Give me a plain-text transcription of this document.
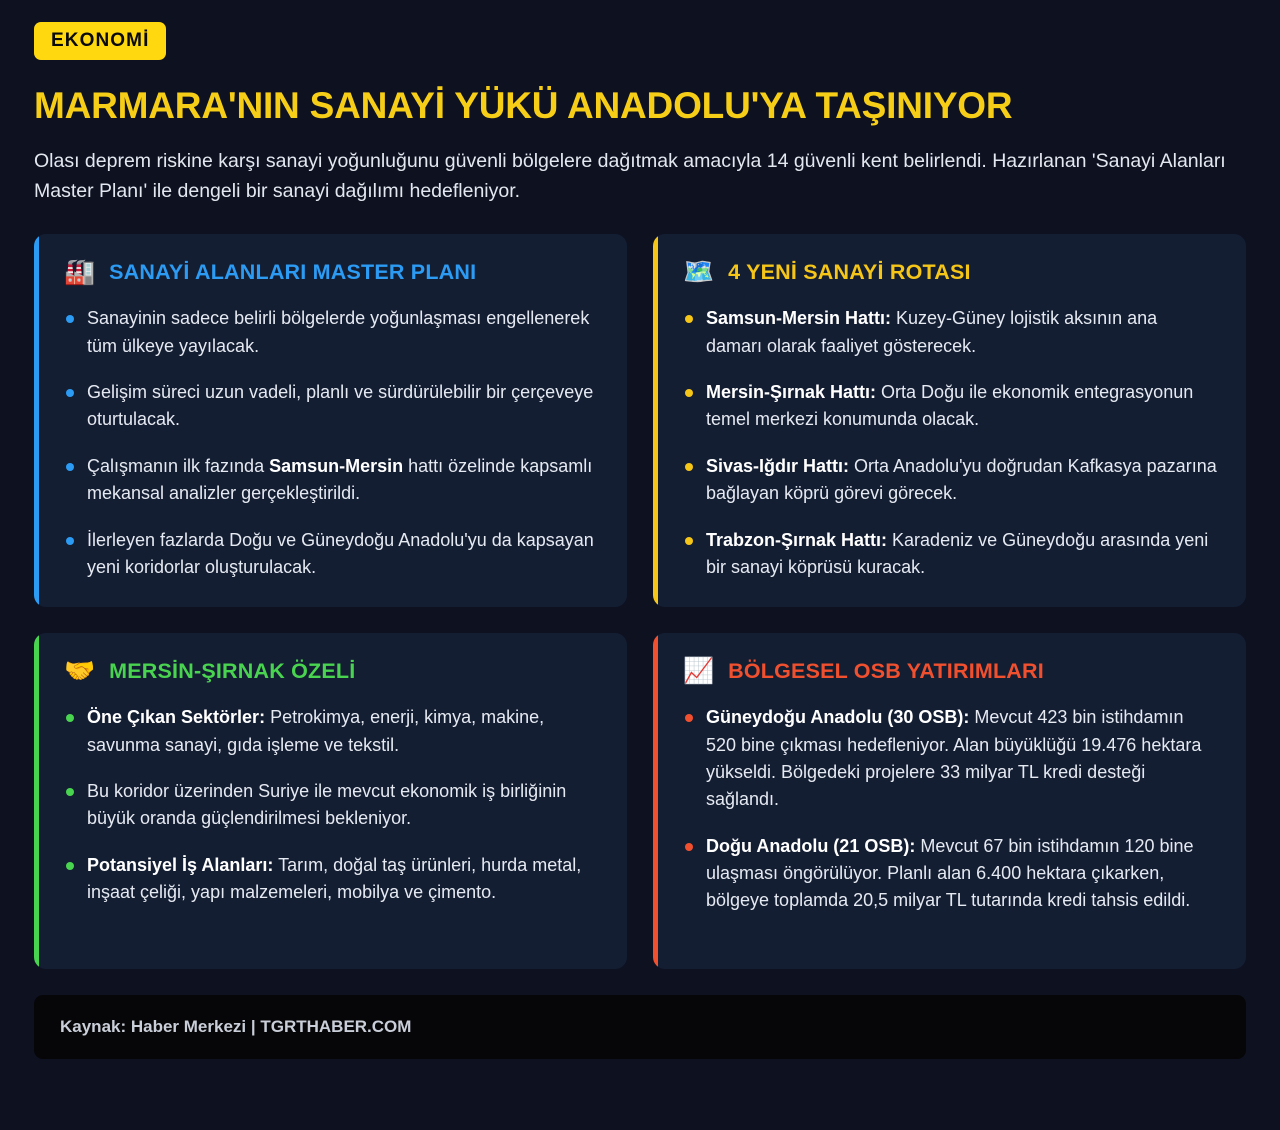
EKONOMİ
MARMARA'NIN SANAYİ YÜKÜ ANADOLU'YA TAŞINIYOR

Olası deprem riskine karşı sanayi yoğunluğunu güvenli bölgelere dağıtmak amacıyla 14 güvenli kent belirlendi. Hazırlanan 'Sanayi Alanları Master Planı' ile dengeli bir sanayi dağılımı hedefleniyor.

🏭 SANAYİ ALANLARI MASTER PLANI
Sanayinin sadece belirli bölgelerde yoğunlaşması engellenerek tüm ülkeye yayılacak.
Gelişim süreci uzun vadeli, planlı ve sürdürülebilir bir çerçeveye oturtulacak.
Çalışmanın ilk fazında Samsun-Mersin hattı özelinde kapsamlı mekansal analizler gerçekleştirildi.
İlerleyen fazlarda Doğu ve Güneydoğu Anadolu'yu da kapsayan yeni koridorlar oluşturulacak.
🗺️ 4 YENİ SANAYİ ROTASI
Samsun-Mersin Hattı: Kuzey-Güney lojistik aksının ana damarı olarak faaliyet gösterecek.
Mersin-Şırnak Hattı: Orta Doğu ile ekonomik entegrasyonun temel merkezi konumunda olacak.
Sivas-Iğdır Hattı: Orta Anadolu'yu doğrudan Kafkasya pazarına bağlayan köprü görevi görecek.
Trabzon-Şırnak Hattı: Karadeniz ve Güneydoğu arasında yeni bir sanayi köprüsü kuracak.
🤝 MERSİN-ŞIRNAK ÖZELİ
Öne Çıkan Sektörler: Petrokimya, enerji, kimya, makine, savunma sanayi, gıda işleme ve tekstil.
Bu koridor üzerinden Suriye ile mevcut ekonomik iş birliğinin büyük oranda güçlendirilmesi bekleniyor.
Potansiyel İş Alanları: Tarım, doğal taş ürünleri, hurda metal, inşaat çeliği, yapı malzemeleri, mobilya ve çimento.
📈 BÖLGESEL OSB YATIRIMLARI
Güneydoğu Anadolu (30 OSB): Mevcut 423 bin istihdamın 520 bine çıkması hedefleniyor. Alan büyüklüğü 19.476 hektara yükseldi. Bölgedeki projelere 33 milyar TL kredi desteği sağlandı.
Doğu Anadolu (21 OSB): Mevcut 67 bin istihdamın 120 bine ulaşması öngörülüyor. Planlı alan 6.400 hektara çıkarken, bölgeye toplamda 20,5 milyar TL tutarında kredi tahsis edildi.
Kaynak: Haber Merkezi | TGRTHABER.COM
